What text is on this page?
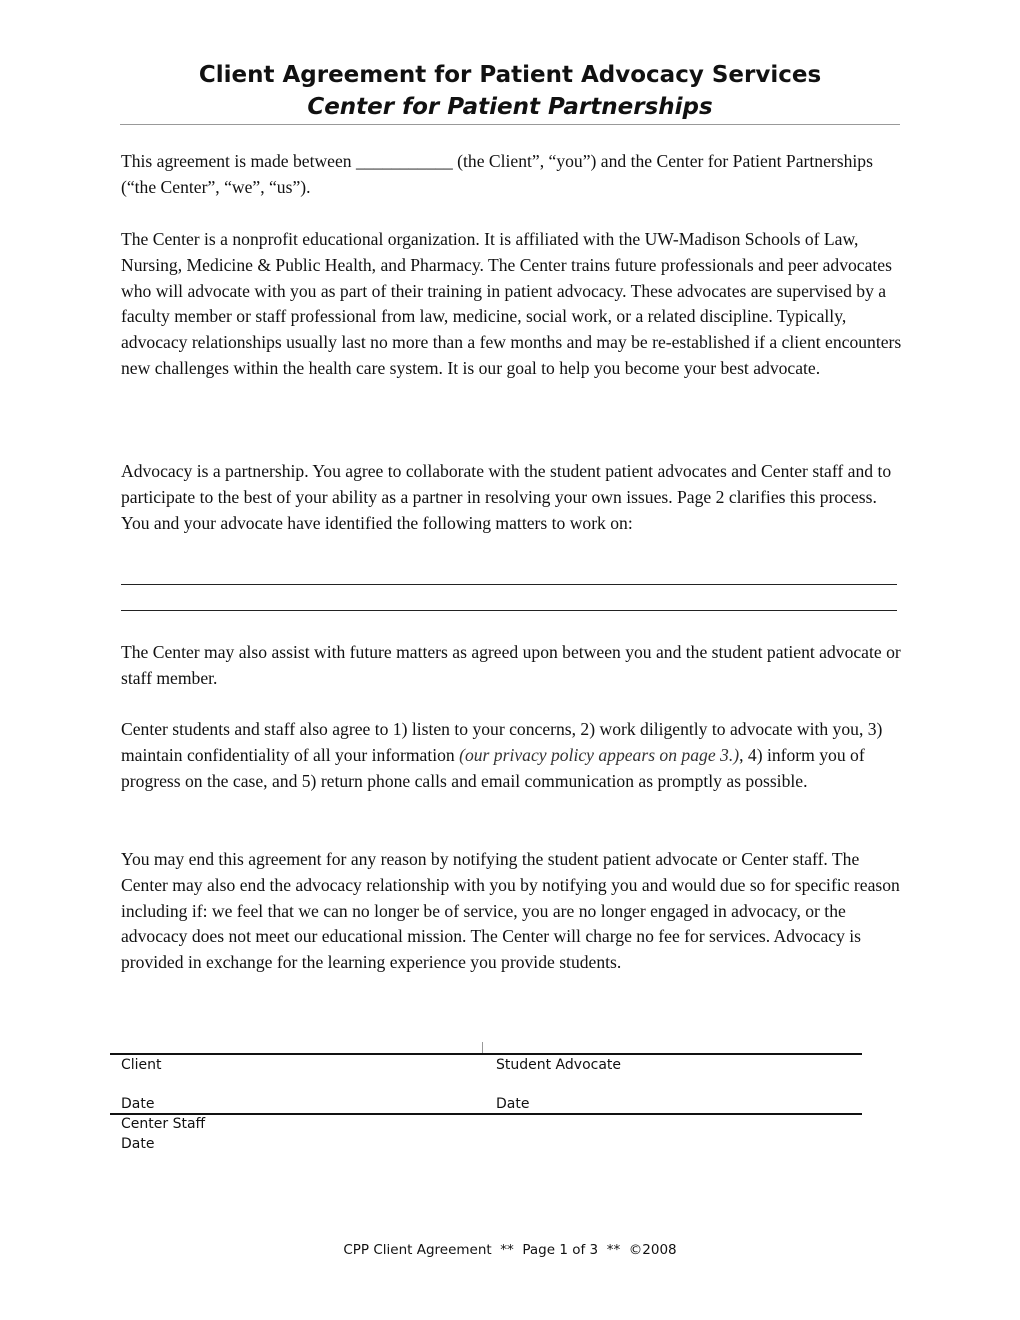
Client Agreement for Patient Advocacy Services
Center for Patient Partnerships

This agreement is made between ___________ (the Client”, “you”) and the Center for Patient Partnerships (“the Center”, “we”, “us”).

The Center is a nonprofit educational organization. It is affiliated with the UW-Madison Schools of Law, Nursing, Medicine & Public Health, and Pharmacy. The Center trains future professionals and peer advocates who will advocate with you as part of their training in patient advocacy. These advocates are supervised by a faculty member or staff professional from law, medicine, social work, or a related discipline. Typically, advocacy relationships usually last no more than a few months and may be re-established if a client encounters new challenges within the health care system. It is our goal to help you become your best advocate.

Advocacy is a partnership. You agree to collaborate with the student patient advocates and Center staff and to participate to the best of your ability as a partner in resolving your own issues. Page 2 clarifies this process. You and your advocate have identified the following matters to work on:

The Center may also assist with future matters as agreed upon between you and the student patient advocate or staff member.

Center students and staff also agree to 1) listen to your concerns, 2) work diligently to advocate with you, 3) maintain confidentiality of all your information (our privacy policy appears on page 3.), 4) inform you of progress on the case, and 5) return phone calls and email communication as promptly as possible.

You may end this agreement for any reason by notifying the student patient advocate or Center staff. The Center may also end the advocacy relationship with you by notifying you and would due so for specific reason including if: we feel that we can no longer be of service, you are no longer engaged in advocacy, or the advocacy does not meet our educational mission. The Center will charge no fee for services. Advocacy is provided in exchange for the learning experience you provide students.

Client	Student Advocate
Date	Date
Center Staff
Date
CPP Client Agreement  **  Page 1 of 3  **  ©2008
